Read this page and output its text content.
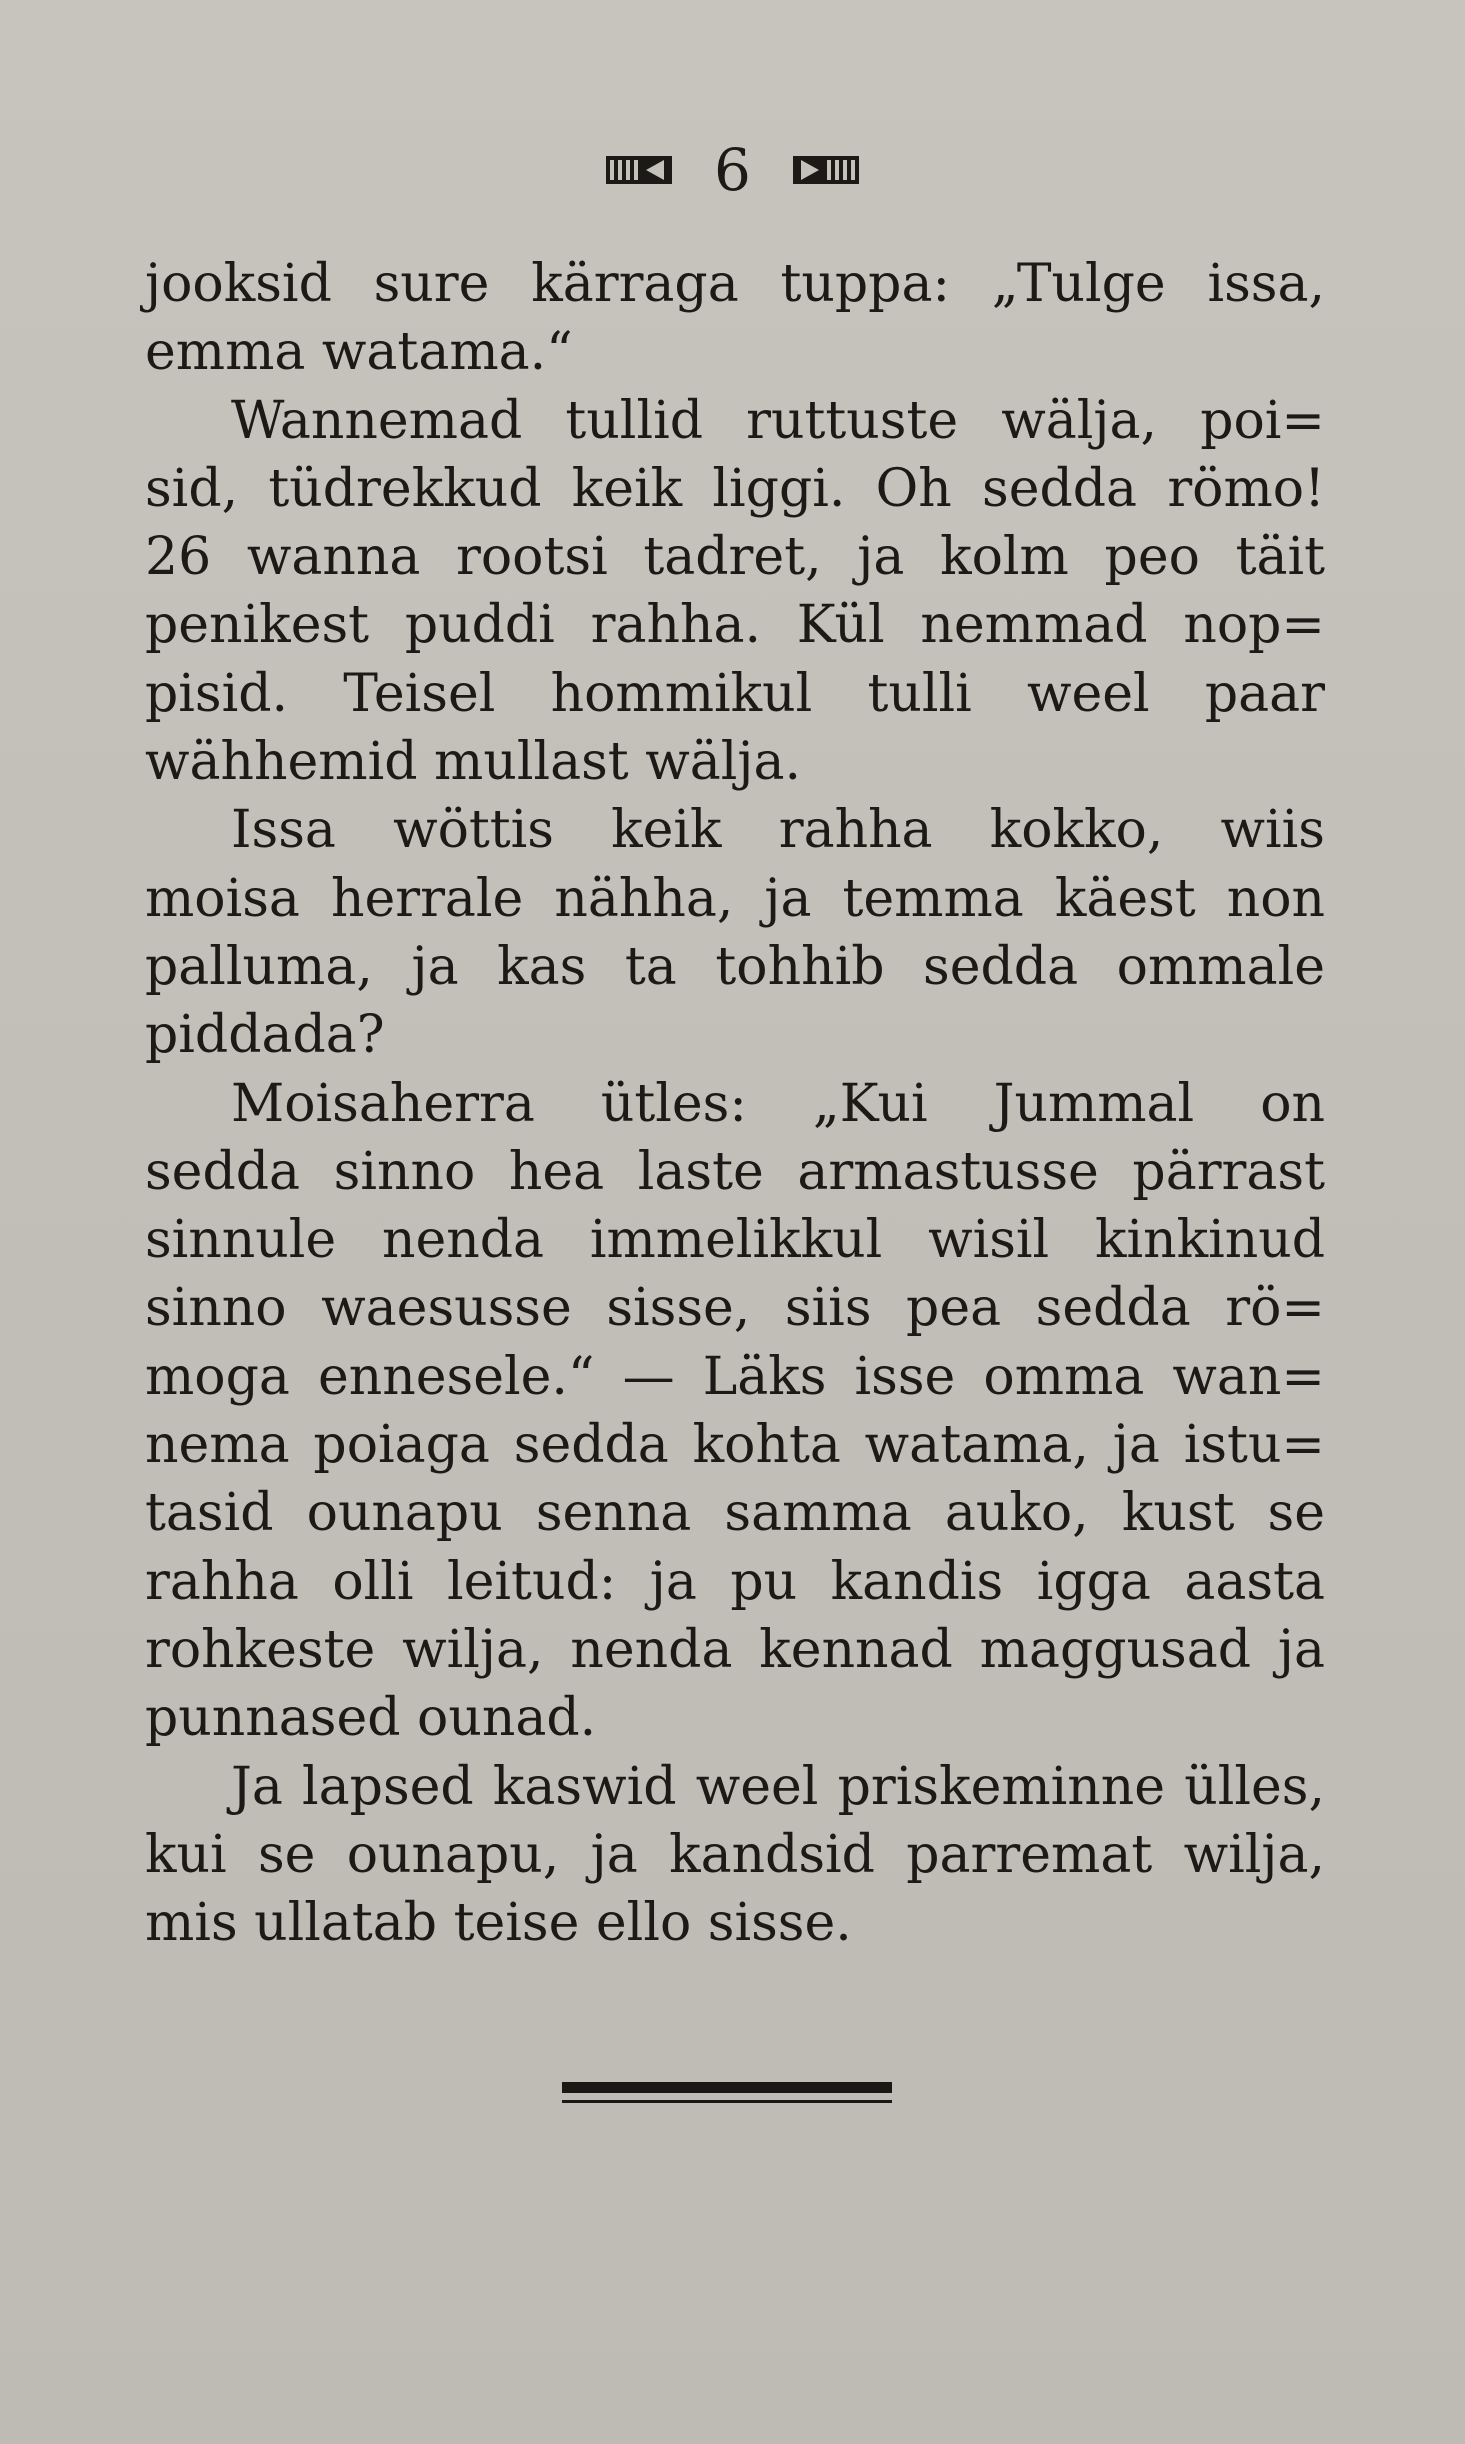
6
jooksid sure kärraga tuppa: „Tulge issa,
emma watama.“
Wannemad tullid ruttuste wälja, poi=
sid, tüdrekkud keik liggi. Oh sedda römo!
26 wanna rootsi tadret, ja kolm peo täit
penikest puddi rahha. Kül nemmad nop=
pisid. Teisel hommikul tulli weel paar
wähhemid mullast wälja.
Issa wöttis keik rahha kokko, wiis
moisa herrale nähha, ja temma käest non
palluma, ja kas ta tohhib sedda ommale
piddada?
Moisaherra ütles: „Kui Jummal on
sedda sinno hea laste armastusse pärrast
sinnule nenda immelikkul wisil kinkinud
sinno waesusse sisse, siis pea sedda rö=
moga ennesele.“ — Läks isse omma wan=
nema poiaga sedda kohta watama, ja istu=
tasid ounapu senna samma auko, kust se
rahha olli leitud: ja pu kandis igga aasta
rohkeste wilja, nenda kennad maggusad ja
punnased ounad.
Ja lapsed kaswid weel priskeminne ülles,
kui se ounapu, ja kandsid parremat wilja,
mis ullatab teise ello sisse.
